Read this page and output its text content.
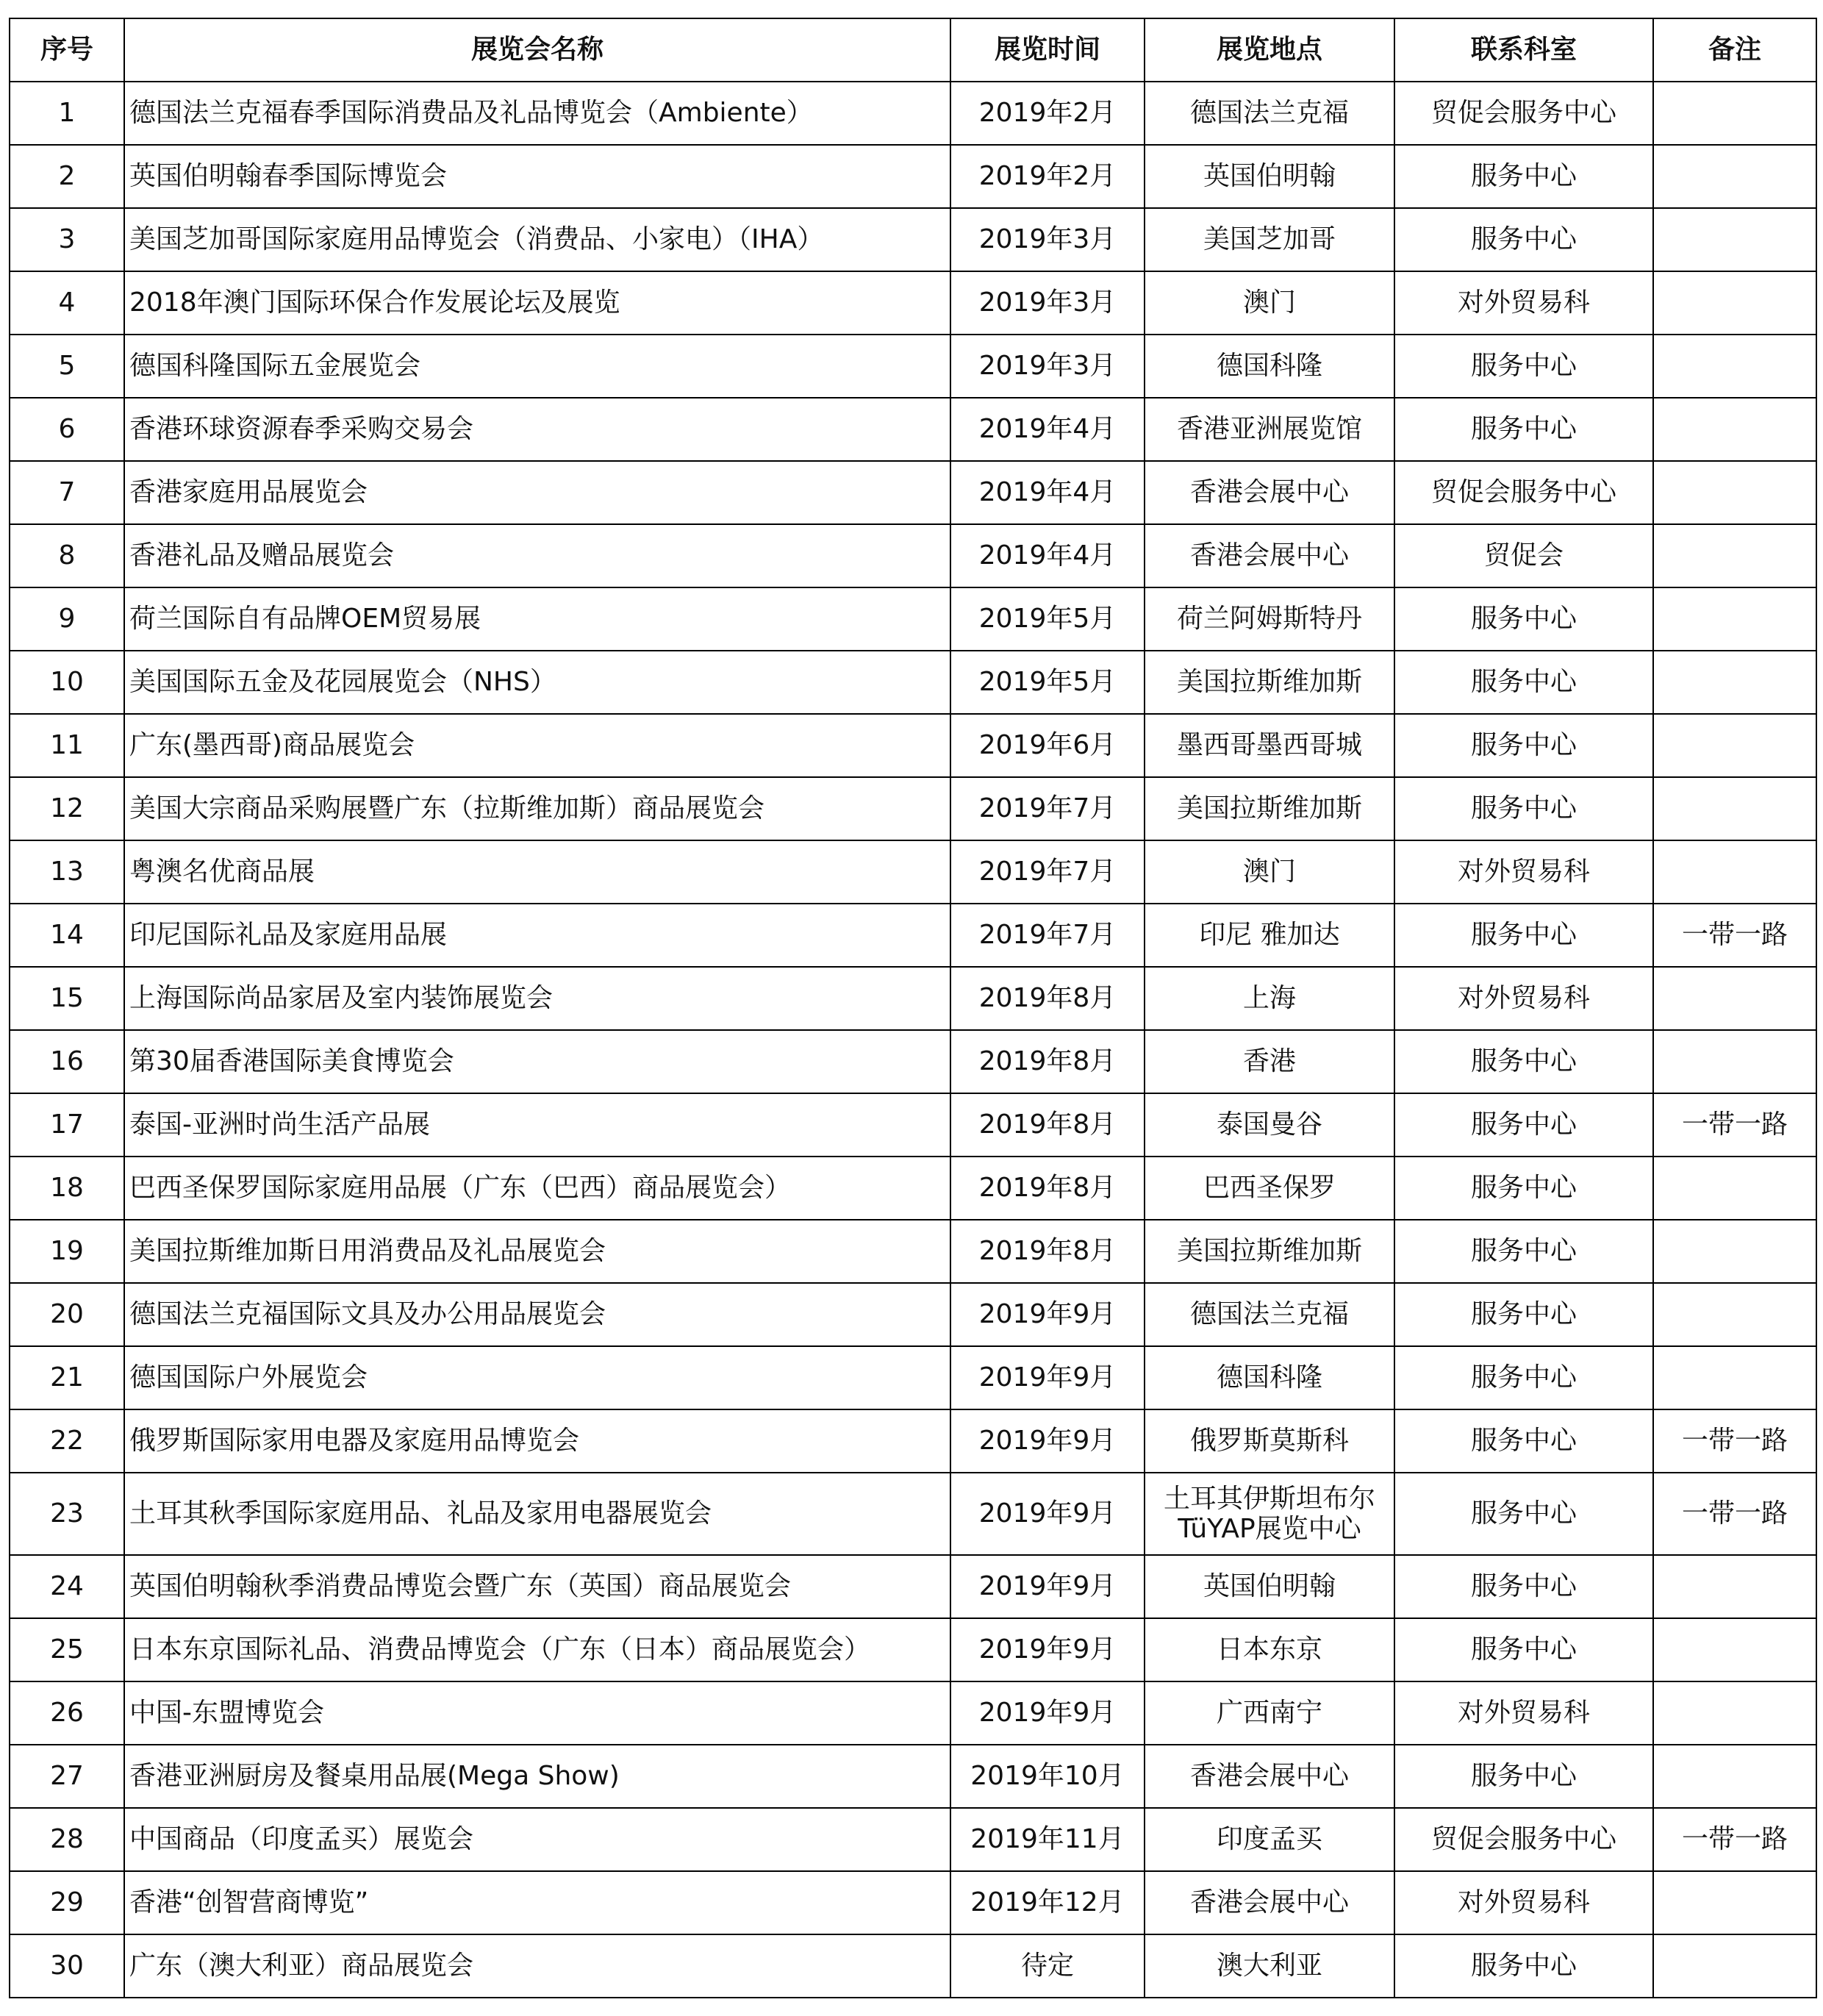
序号	展览会名称	展览时间	展览地点	联系科室	备注
1	德国法兰克福春季国际消费品及礼品博览会（Ambiente）	2019年2月	德国法兰克福	贸促会服务中心	
2	英国伯明翰春季国际博览会	2019年2月	英国伯明翰	服务中心	
3	美国芝加哥国际家庭用品博览会（消费品、小家电）（IHA）	2019年3月	美国芝加哥	服务中心	
4	2018年澳门国际环保合作发展论坛及展览	2019年3月	澳门	对外贸易科	
5	德国科隆国际五金展览会	2019年3月	德国科隆	服务中心	
6	香港环球资源春季采购交易会	2019年4月	香港亚洲展览馆	服务中心	
7	香港家庭用品展览会	2019年4月	香港会展中心	贸促会服务中心	
8	香港礼品及赠品展览会	2019年4月	香港会展中心	贸促会	
9	荷兰国际自有品牌OEM贸易展	2019年5月	荷兰阿姆斯特丹	服务中心	
10	美国国际五金及花园展览会（NHS）	2019年5月	美国拉斯维加斯	服务中心	
11	广东(墨西哥)商品展览会	2019年6月	墨西哥墨西哥城	服务中心	
12	美国大宗商品采购展暨广东（拉斯维加斯）商品展览会	2019年7月	美国拉斯维加斯	服务中心	
13	粤澳名优商品展	2019年7月	澳门	对外贸易科	
14	印尼国际礼品及家庭用品展	2019年7月	印尼 雅加达	服务中心	一带一路
15	上海国际尚品家居及室内装饰展览会	2019年8月	上海	对外贸易科	
16	第30届香港国际美食博览会	2019年8月	香港	服务中心	
17	泰国-亚洲时尚生活产品展	2019年8月	泰国曼谷	服务中心	一带一路
18	巴西圣保罗国际家庭用品展（广东（巴西）商品展览会）	2019年8月	巴西圣保罗	服务中心	
19	美国拉斯维加斯日用消费品及礼品展览会	2019年8月	美国拉斯维加斯	服务中心	
20	德国法兰克福国际文具及办公用品展览会	2019年9月	德国法兰克福	服务中心	
21	德国国际户外展览会	2019年9月	德国科隆	服务中心	
22	俄罗斯国际家用电器及家庭用品博览会	2019年9月	俄罗斯莫斯科	服务中心	一带一路
23	土耳其秋季国际家庭用品、礼品及家用电器展览会	2019年9月	土耳其伊斯坦布尔TüYAP展览中心	服务中心	一带一路
24	英国伯明翰秋季消费品博览会暨广东（英国）商品展览会	2019年9月	英国伯明翰	服务中心	
25	日本东京国际礼品、消费品博览会（广东（日本）商品展览会）	2019年9月	日本东京	服务中心	
26	中国-东盟博览会	2019年9月	广西南宁	对外贸易科	
27	香港亚洲厨房及餐桌用品展(Mega Show)	2019年10月	香港会展中心	服务中心	
28	中国商品（印度孟买）展览会	2019年11月	印度孟买	贸促会服务中心	一带一路
29	香港“创智营商博览”	2019年12月	香港会展中心	对外贸易科	
30	广东（澳大利亚）商品展览会	待定	澳大利亚	服务中心	
